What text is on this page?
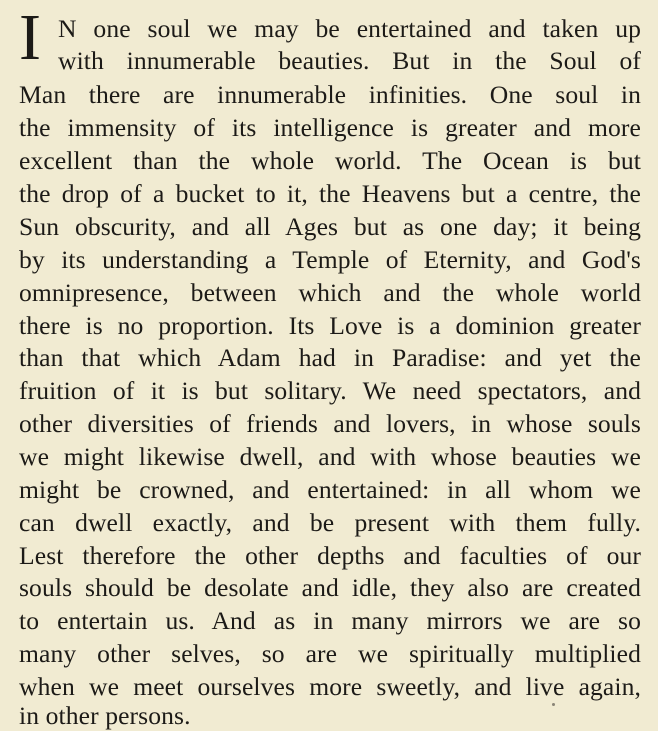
I N one soul we may be entertained and taken up
with innumerable beauties. But in the Soul of
Man there are innumerable infinities. One soul in
the immensity of its intelligence is greater and more
excellent than the whole world. The Ocean is but
the drop of a bucket to it, the Heavens but a centre, the
Sun obscurity, and all Ages but as one day; it being
by its understanding a Temple of Eternity, and God's
omnipresence, between which and the whole world
there is no proportion. Its Love is a dominion greater
than that which Adam had in Paradise: and yet the
fruition of it is but solitary. We need spectators, and
other diversities of friends and lovers, in whose souls
we might likewise dwell, and with whose beauties we
might be crowned, and entertained: in all whom we
can dwell exactly, and be present with them fully.
Lest therefore the other depths and faculties of our
souls should be desolate and idle, they also are created
to entertain us. And as in many mirrors we are so
many other selves, so are we spiritually multiplied
when we meet ourselves more sweetly, and live again,
in other persons.
